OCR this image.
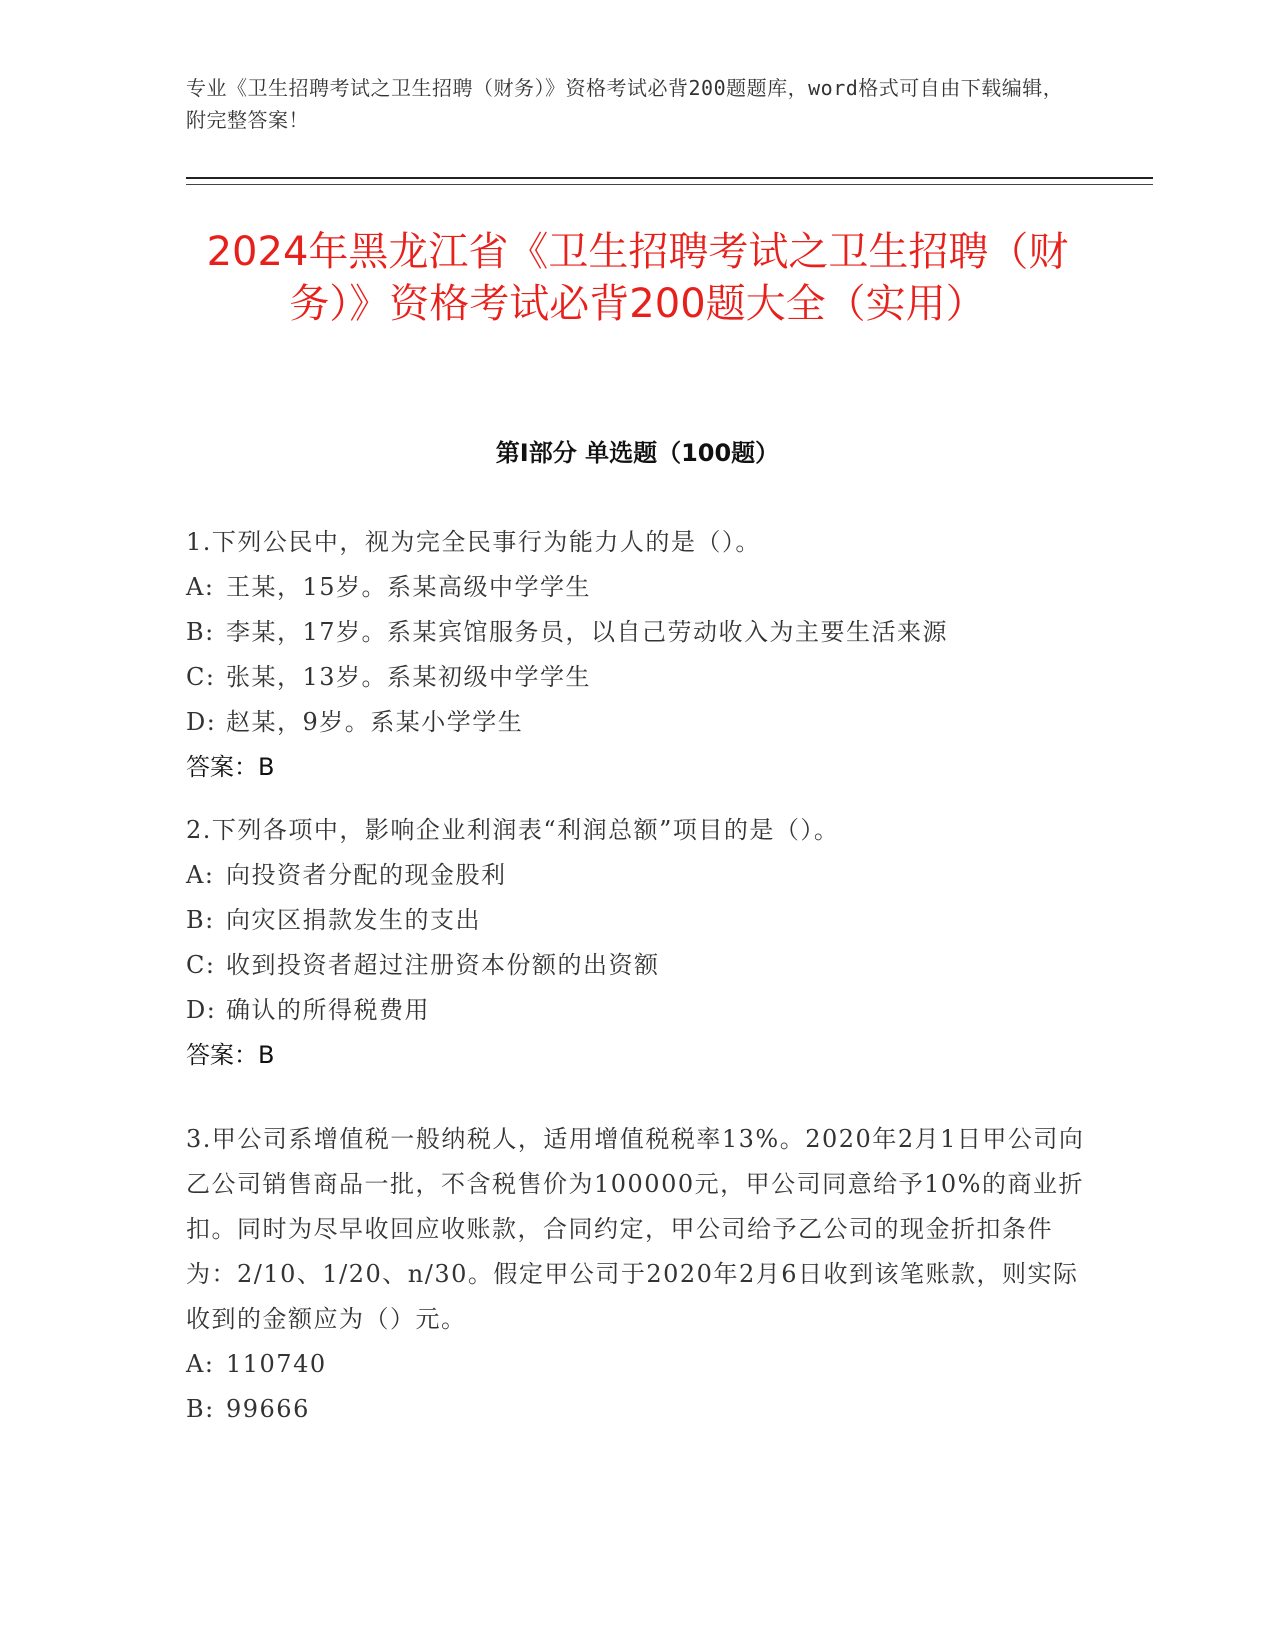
专业《卫生招聘考试之卫生招聘（财务）》资格考试必背200题题库，word格式可自由下载编辑，附完整答案！
2024年黑龙江省《卫生招聘考试之卫生招聘（财务）》资格考试必背200题大全（实用）
第I部分 单选题（100题）
1.下列公民中，视为完全民事行为能力人的是（）。
A: 王某，15岁。系某高级中学学生
B: 李某，17岁。系某宾馆服务员，以自己劳动收入为主要生活来源
C: 张某，13岁。系某初级中学学生
D: 赵某，9岁。系某小学学生
答案：B
2.下列各项中，影响企业利润表“利润总额”项目的是（）。
A: 向投资者分配的现金股利
B: 向灾区捐款发生的支出
C: 收到投资者超过注册资本份额的出资额
D: 确认的所得税费用
答案：B
3.甲公司系增值税一般纳税人，适用增值税税率13%。2020年2月1日甲公司向乙公司销售商品一批，不含税售价为100000元，甲公司同意给予10%的商业折扣。同时为尽早收回应收账款，合同约定，甲公司给予乙公司的现金折扣条件为：2/10、1/20、n/30。假定甲公司于2020年2月6日收到该笔账款，则实际收到的金额应为（）元。
A: 110740
B: 99666
